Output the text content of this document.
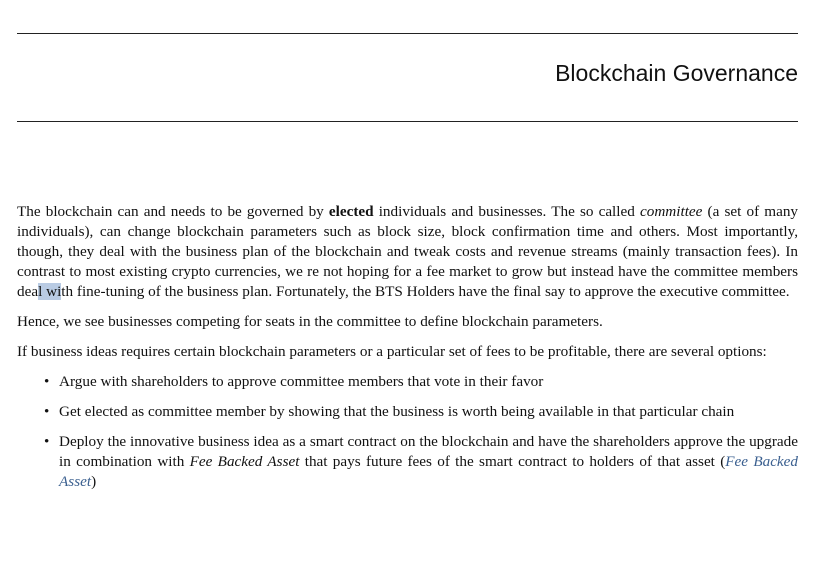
Blockchain Governance

The blockchain can and needs to be governed by elected individuals and businesses. The so called committee (a set of many individuals), can change blockchain parameters such as block size, block confirmation time and others. Most importantly, though, they deal with the business plan of the blockchain and tweak costs and revenue streams (mainly transaction fees). In contrast to most existing crypto currencies, we re not hoping for a fee market to grow but instead have the committee members deal with fine-tuning of the business plan. Fortunately, the BTS Holders have the final say to approve the executive committee.

Hence, we see businesses competing for seats in the committee to define blockchain parameters.

If business ideas requires certain blockchain parameters or a particular set of fees to be profitable, there are several options:

• Argue with shareholders to approve committee members that vote in their favor
• Get elected as committee member by showing that the business is worth being available in that particular chain
• Deploy the innovative business idea as a smart contract on the blockchain and have the shareholders approve the upgrade in combination with Fee Backed Asset that pays future fees of the smart contract to holders of that asset (Fee Backed Asset)
